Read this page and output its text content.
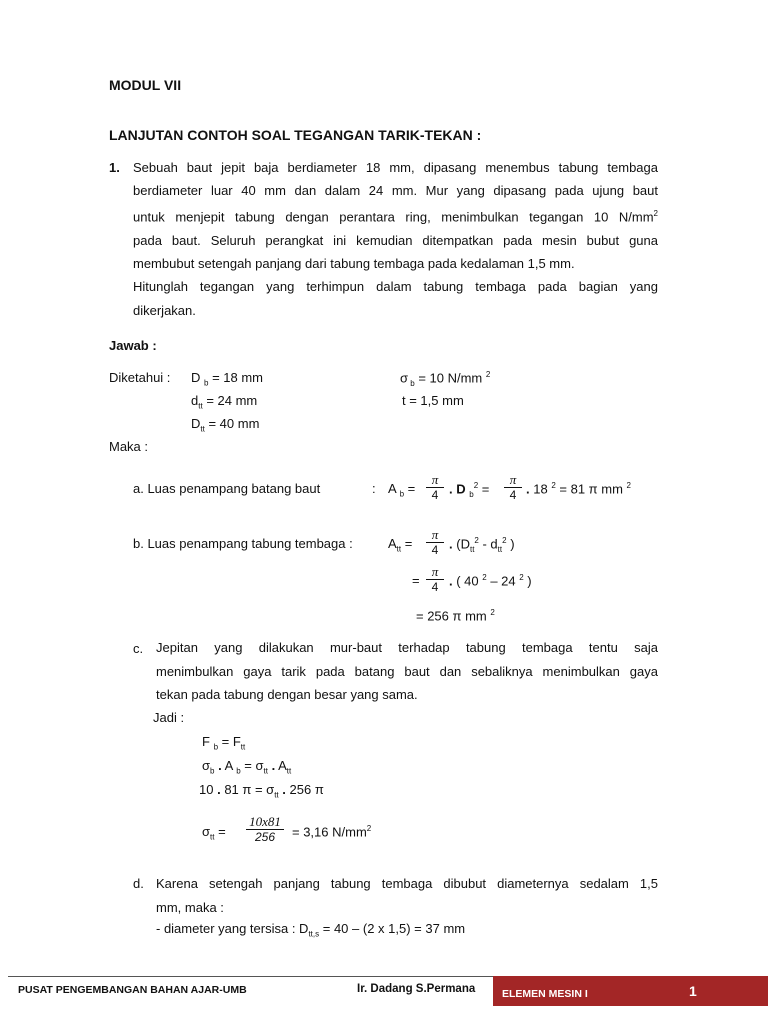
MODUL VII
LANJUTAN CONTOH SOAL TEGANGAN TARIK-TEKAN :
1. Sebuah baut jepit baja berdiameter 18 mm, dipasang menembus tabung tembaga
berdiameter luar 40 mm dan dalam 24 mm. Mur yang dipasang pada ujung baut
untuk menjepit tabung dengan perantara ring, menimbulkan tegangan 10 $N/mm^2$
pada baut. Seluruh perangkat ini kemudian ditempatkan pada mesin bubut guna
membubut setengah panjang dari tabung tembaga pada kedalaman 1,5 mm.
Hitunglah tegangan yang terhimpun dalam tabung tembaga pada bagian yang
dikerjakan.
Jawab :
Diketahui : D $_b$ = 18 mm
$d_{tt} = 24$ mm
$D_{tt} = 40$ mm
σ $_b$ = 10 N/mm $^2$
t = 1,5 mm
Maka :
a. Luas penampang batang baut	: A $_b$ =
π
4 . D $_b^2$ =
π
4 . 18 $^2$ = 81 π mm $^2$
b. Luas penampang tabung tembaga :	$A_{tt}$ =
π
4 . ($D_{tt}^2 - d_{tt}^2$ )
=
π
4 . ( 40 $^2$ – 24 $^2$ )
= 256 π mm $^2$
c. Jepitan yang dilakukan mur-baut terhadap tabung tembaga tentu saja
menimbulkan gaya tarik pada batang baut dan sebaliknya menimbulkan gaya
tekan pada tabung dengan besar yang sama.
Jadi :
F $_b = F_{tt}$
$\sigma_b$ . A $_b = \sigma_{tt}$ . $A_{tt}$
10 . 81 $\pi = \sigma_{tt}$ . 256 π
$\sigma_{tt}$ =
10x81
256	= 3,16 $N/mm^2$
d. Karena setengah panjang tabung tembaga dibubut diameternya sedalam 1,5
mm, maka :
- diameter yang tersisa : $D_{tt,s} = 40 - (2$ x 1,5) = 37 mm
PUSAT PENGEMBANGAN BAHAN AJAR-UMB	Ir. Dadang S.Permana	ELEMEN MESIN I	1
